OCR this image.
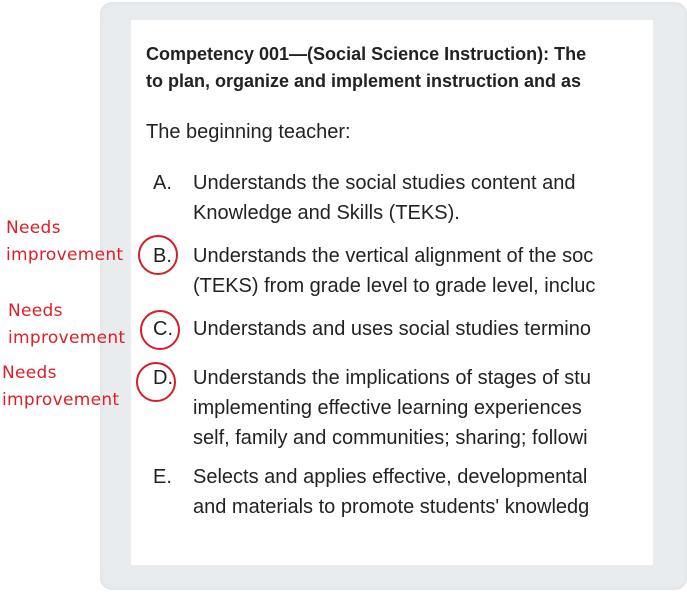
Competency 001—(Social Science Instruction): The
to plan, organize and implement instruction and as
The beginning teacher:
A.	Understands the social studies content and
Knowledge and Skills (TEKS).
B.	Understands the vertical alignment of the soc
(TEKS) from grade level to grade level, incluc
C.	Understands and uses social studies termino
D.	Understands the implications of stages of stu
implementing effective learning experiences
self, family and communities; sharing; followi
E.	Selects and applies effective, developmental
and materials to promote students' knowledg
Needs
improvement
Needs
improvement
Needs
improvement
